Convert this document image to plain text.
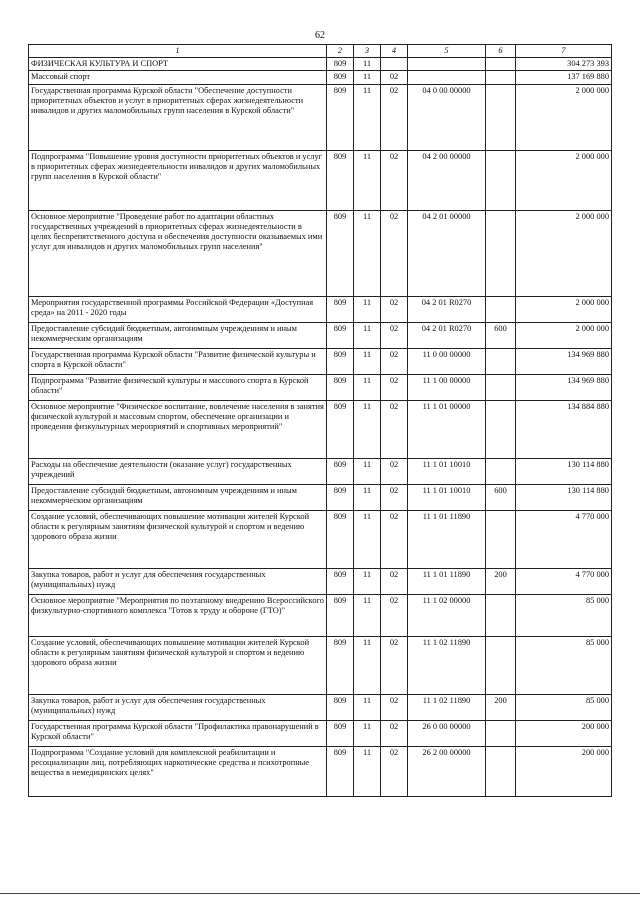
62
1	2	3	4	5	6	7
ФИЗИЧЕСКАЯ КУЛЬТУРА И СПОРТ	809	11				304 273 393
Массовый спорт	809	11	02			137 169 880
Государственная программа Курской области "Обеспечение доступности приоритетных объектов и услуг в приоритетных сферах жизнедеятельности инвалидов и других маломобильных групп населения в Курской области"	809	11	02	04 0 00 00000		2 000 000
Подпрограмма "Повышение уровня доступности приоритетных объектов и услуг в приоритетных сферах жизнедеятельности инвалидов и других маломобильных групп населения в Курской области"	809	11	02	04 2 00 00000		2 000 000
Основное мероприятие "Проведение работ по адаптации областных государственных учреждений в приоритетных сферах жизнедеятельности в целях беспрепятственного доступа и обеспечения доступности оказываемых ими услуг для инвалидов и других маломобильных групп населения"	809	11	02	04 2 01 00000		2 000 000
Мероприятия государственной программы Российской Федерации «Доступная среда» на 2011 - 2020 годы	809	11	02	04 2 01 R0270		2 000 000
Предоставление субсидий бюджетным, автономным учреждениям и иным некоммерческим организациям	809	11	02	04 2 01 R0270	600	2 000 000
Государственная программа Курской области "Развитие физической культуры и спорта в Курской области"	809	11	02	11 0 00 00000		134 969 880
Подпрограмма "Развитие физической культуры и массового спорта в Курской области"	809	11	02	11 1 00 00000		134 969 880
Основное мероприятие "Физическое воспитание, вовлечение населения в занятия физической культурой и массовым спортом, обеспечение организации и проведения физкультурных мероприятий и спортивных мероприятий"	809	11	02	11 1 01 00000		134 884 880
Расходы на обеспечение деятельности (оказание услуг) государственных учреждений	809	11	02	11 1 01 10010		130 114 880
Предоставление субсидий бюджетным, автономным учреждениям и иным некоммерческим организациям	809	11	02	11 1 01 10010	600	130 114 880
Создание условий, обеспечивающих повышение мотивации жителей Курской области к регулярным занятиям физической культурой и спортом и ведению здорового образа жизни	809	11	02	11 1 01 11890		4 770 000
Закупка товаров, работ и услуг для обеспечения государственных (муниципальных) нужд	809	11	02	11 1 01 11890	200	4 770 000
Основное мероприятие "Мероприятия по поэтапному внедрению Всероссийского физкультурно-спортивного комплекса "Готов к труду и обороне (ГТО)"	809	11	02	11 1 02 00000		85 000
Создание условий, обеспечивающих повышение мотивации жителей Курской области к регулярным занятиям физической культурой и спортом и ведению здорового образа жизни	809	11	02	11 1 02 11890		85 000
Закупка товаров, работ и услуг для обеспечения государственных (муниципальных) нужд	809	11	02	11 1 02 11890	200	85 000
Государственная программа Курской области "Профилактика правонарушений в Курской области"	809	11	02	26 0 00 00000		200 000
Подпрограмма "Создание условий для комплексной реабилитации и ресоциализации лиц, потребляющих наркотические средства и психотропные вещества в немедицинских целях"	809	11	02	26 2 00 00000		200 000
